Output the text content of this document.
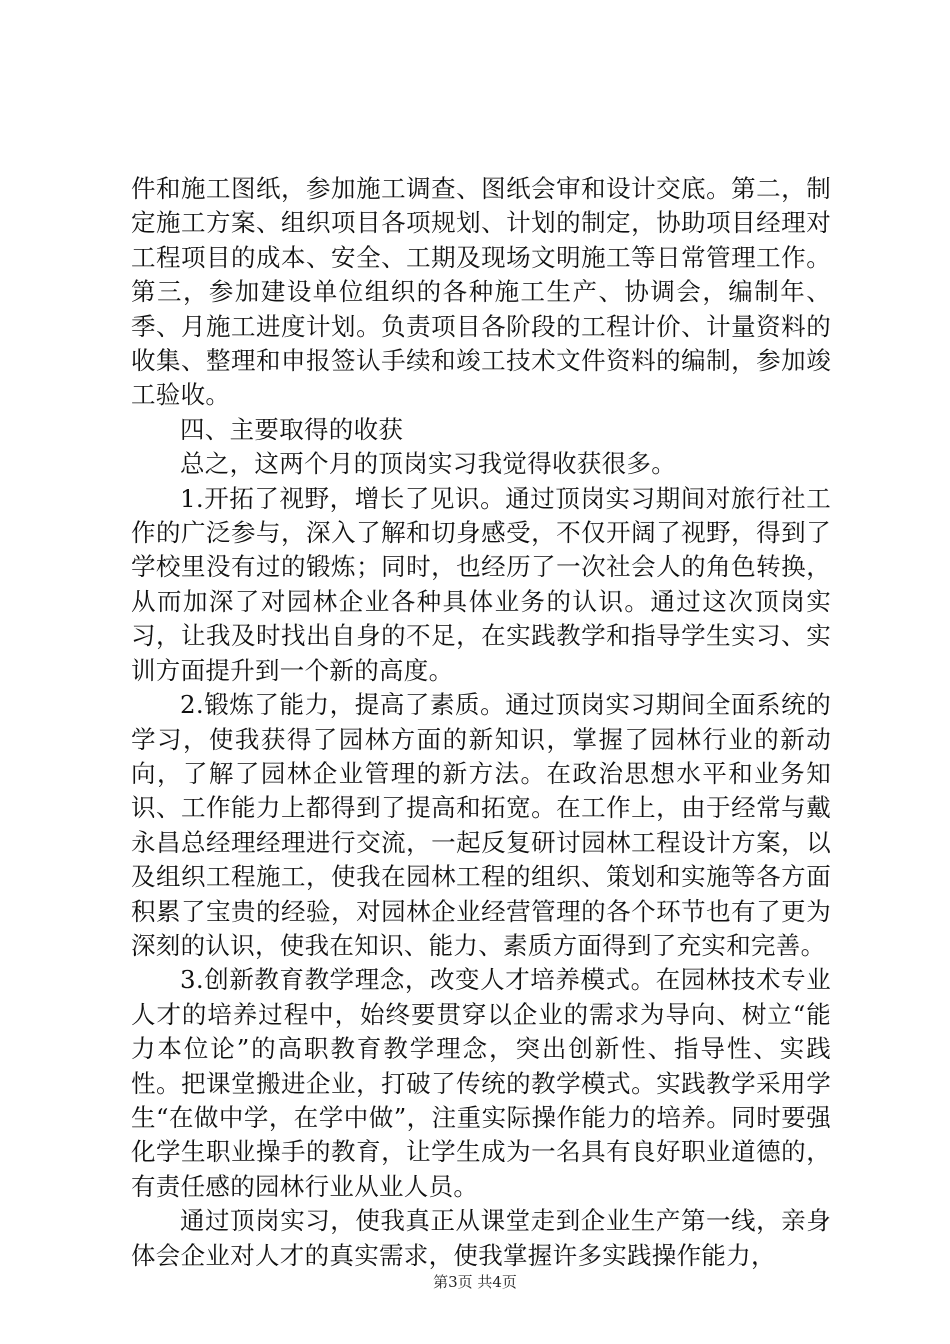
件和施工图纸，参加施工调查、图纸会审和设计交底。第二，制定施工方案、组织项目各项规划、计划的制定，协助项目经理对工程项目的成本、安全、工期及现场文明施工等日常管理工作。第三，参加建设单位组织的各种施工生产、协调会，编制年、季、月施工进度计划。负责项目各阶段的工程计价、计量资料的收集、整理和申报签认手续和竣工技术文件资料的编制，参加竣工验收。

四、主要取得的收获

总之，这两个月的顶岗实习我觉得收获很多。

1.开拓了视野，增长了见识。通过顶岗实习期间对旅行社工作的广泛参与，深入了解和切身感受，不仅开阔了视野，得到了学校里没有过的锻炼；同时，也经历了一次社会人的角色转换，从而加深了对园林企业各种具体业务的认识。通过这次顶岗实习，让我及时找出自身的不足，在实践教学和指导学生实习、实训方面提升到一个新的高度。

2.锻炼了能力，提高了素质。通过顶岗实习期间全面系统的学习，使我获得了园林方面的新知识，掌握了园林行业的新动向，了解了园林企业管理的新方法。在政治思想水平和业务知识、工作能力上都得到了提高和拓宽。在工作上，由于经常与戴永昌总经理经理进行交流，一起反复研讨园林工程设计方案，以及组织工程施工，使我在园林工程的组织、策划和实施等各方面积累了宝贵的经验，对园林企业经营管理的各个环节也有了更为深刻的认识，使我在知识、能力、素质方面得到了充实和完善。

3.创新教育教学理念，改变人才培养模式。在园林技术专业人才的培养过程中，始终要贯穿以企业的需求为导向、树立“能力本位论”的高职教育教学理念，突出创新性、指导性、实践性。把课堂搬进企业，打破了传统的教学模式。实践教学采用学生“在做中学，在学中做”，注重实际操作能力的培养。同时要强化学生职业操手的教育，让学生成为一名具有良好职业道德的，有责任感的园林行业从业人员。

通过顶岗实习，使我真正从课堂走到企业生产第一线，亲身体会企业对人才的真实需求，使我掌握许多实践操作能力，

第3页 共4页
